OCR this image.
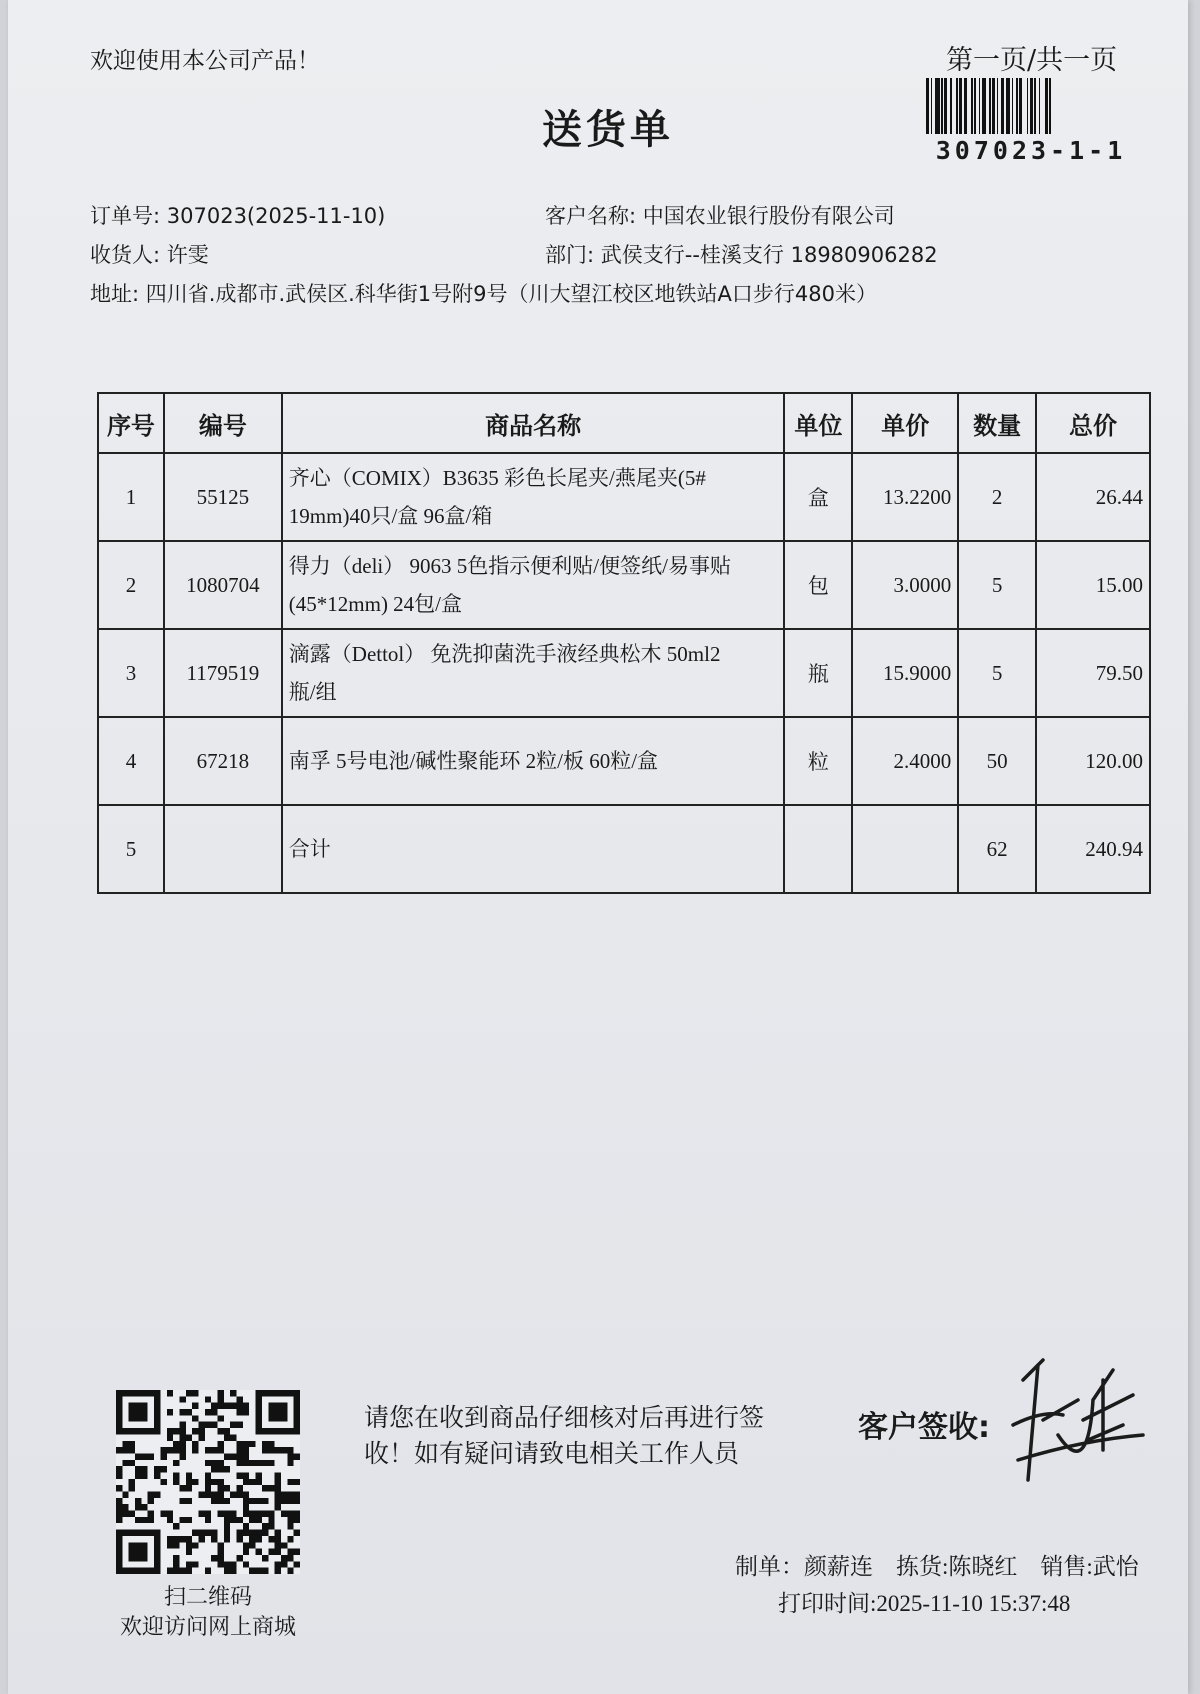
欢迎使用本公司产品！	第一页/共一页
送货单	307023-1-1
订单号: 307023(2025-11-10)	客户名称: 中国农业银行股份有限公司
收货人: 许雯	部门: 武侯支行--桂溪支行 18980906282
地址: 四川省.成都市.武侯区.科华街1号附9号（川大望江校区地铁站A口步行480米）
序号	编号	商品名称	单位	单价	数量	总价
1	55125	齐心（COMIX）B3635 彩色长尾夹/燕尾夹(5#
19mm)40只/盒 96盒/箱	盒	13.2200	2	26.44
2	1080704	得力（deli） 9063 5色指示便利贴/便签纸/易事贴
(45*12mm) 24包/盒	包	3.0000	5	15.00
3	1179519	滴露（Dettol） 免洗抑菌洗手液经典松木 50ml2
瓶/组	瓶	15.9000	5	79.50
4	67218	南孚 5号电池/碱性聚能环 2粒/板 60粒/盒	粒	2.4000	50	120.00
5		合计			62	240.94
扫二维码
欢迎访问网上商城
请您在收到商品仔细核对后再进行签
收！如有疑问请致电相关工作人员
客户签收:
制单：颜薪连　拣货:陈晓红　销售:武怡
打印时间:2025-11-10 15:37:48
